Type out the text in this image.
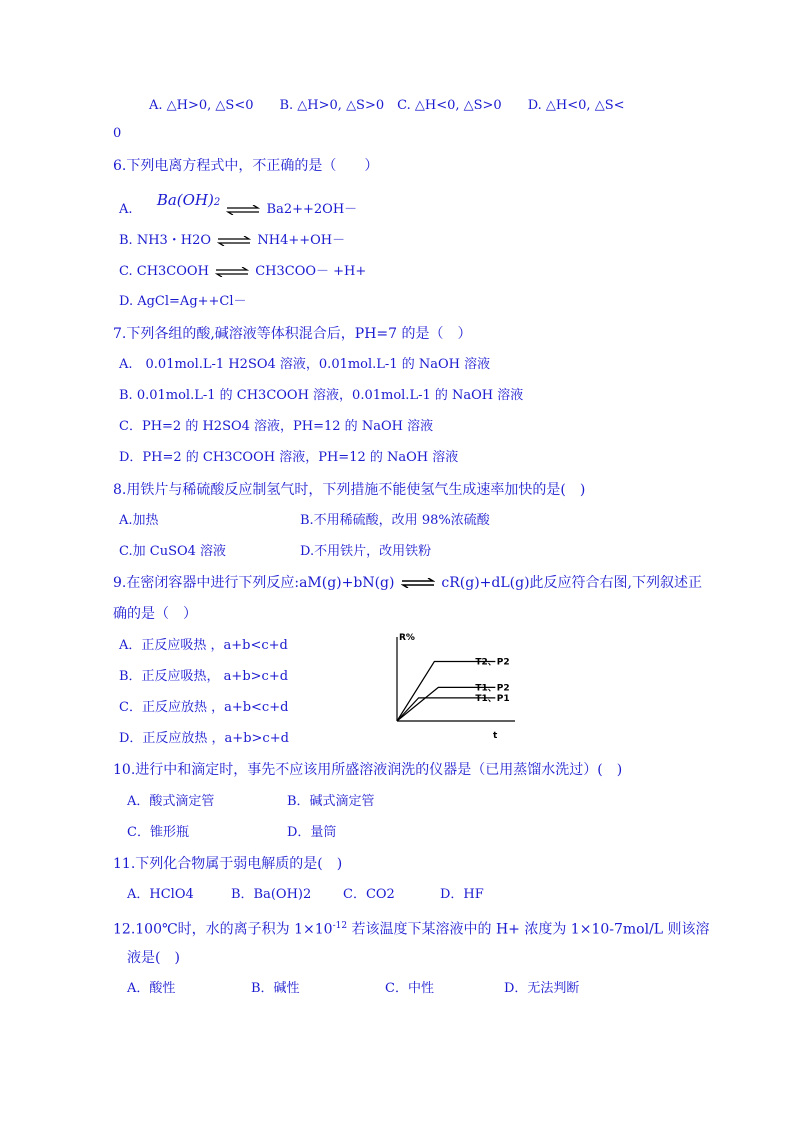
A. △H>0, △S<0　　B. △H>0, △S>0　C. △H<0, △S>0　　D. △H<0, △S<
0
6.下列电离方程式中，不正确的是（　　）
A.  Ba(OH)2 ⇌ Ba2++2OH－
B. NH3・H2O ⇌ NH4++OH－
C. CH3COOH ⇌ CH3COO－ +H+
D. AgCl=Ag++Cl－
7.下列各组的酸,碱溶液等体积混合后，PH=7 的是（　）
A.　0.01mol.L-1 H2SO4 溶液，0.01mol.L-1 的 NaOH 溶液
B. 0.01mol.L-1 的 CH3COOH 溶液，0.01mol.L-1 的 NaOH 溶液
C．PH=2 的 H2SO4 溶液，PH=12 的 NaOH 溶液
D．PH=2 的 CH3COOH 溶液，PH=12 的 NaOH 溶液
8.用铁片与稀硫酸反应制氢气时，下列措施不能使氢气生成速率加快的是(　)
A.加热	B.不用稀硫酸，改用 98%浓硫酸
C.加 CuSO4 溶液	D.不用铁片，改用铁粉
9.在密闭容器中进行下列反应:aM(g)+bN(g) ⇌ cR(g)+dL(g)此反应符合右图,下列叙述正
确的是（　）
A．正反应吸热 ，a+b<c+d
B．正反应吸热， a+b>c+d
C．正反应放热 ，a+b<c+d
D．正反应放热 ，a+b>c+d
R%
t
T2、P2
T1、P2
T1、P1
10.进行中和滴定时，事先不应该用所盛溶液润洗的仪器是（已用蒸馏水洗过）(　)
A．酸式滴定管	B．碱式滴定管
C．锥形瓶	D．量筒
11.下列化合物属于弱电解质的是(　)
A．HClO4	B．Ba(OH)2 C．CO2	D．HF
12.100℃时，水的离子积为 $1\times 10^{-12}$ 若该温度下某溶液中的 H+ 浓度为 1×10-7mol/L 则该溶
液是(　)
A．酸性	B．碱性	C．中性	D．无法判断
